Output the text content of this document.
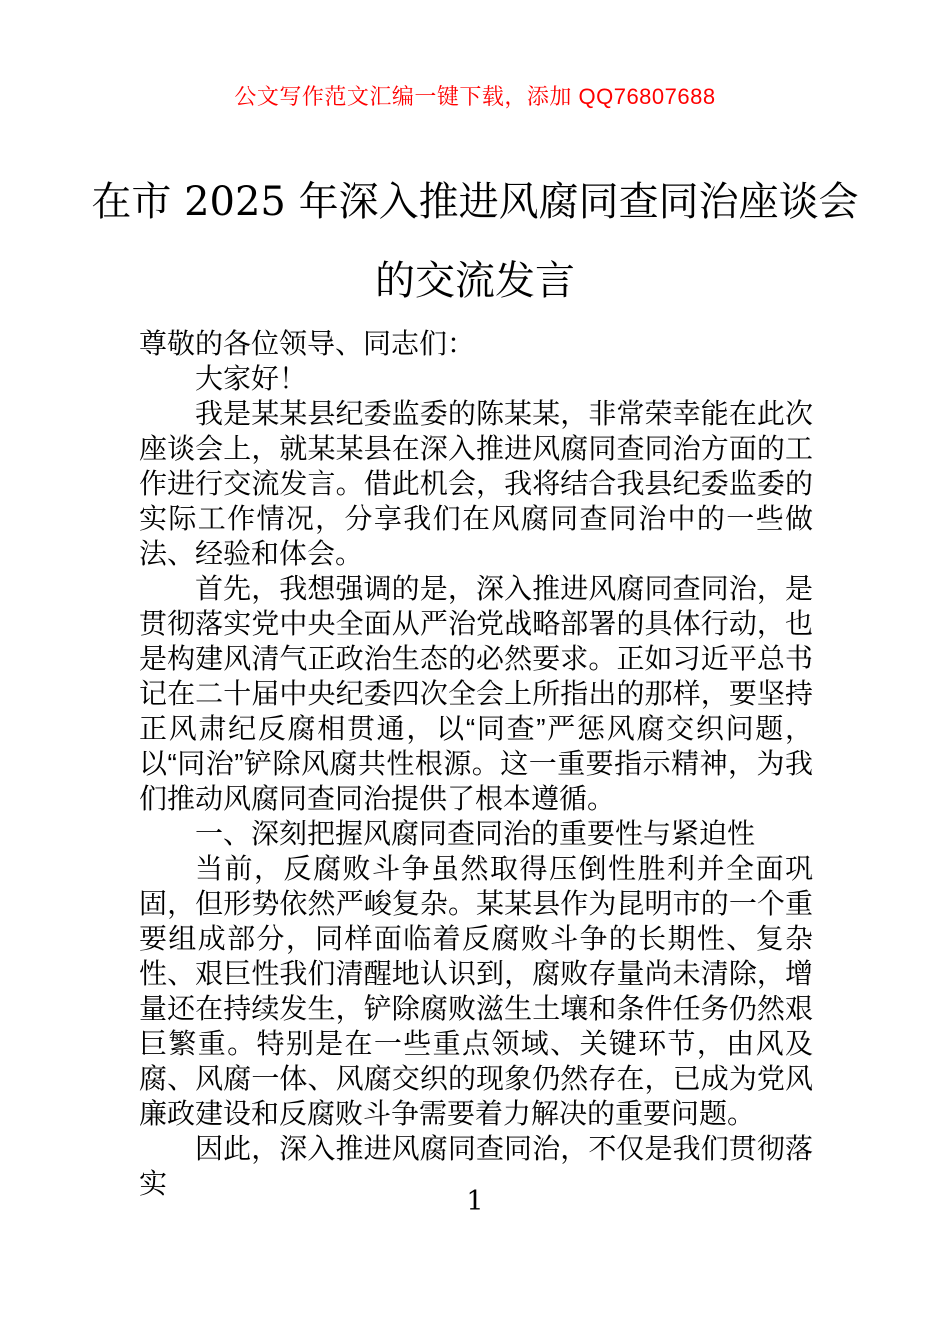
公文写作范文汇编一键下载，添加 QQ76807688
在市 2025 年深入推进风腐同查同治座谈会
的交流发言

尊敬的各位领导、同志们：

大家好！

我是某某县纪委监委的陈某某，非常荣幸能在此次座谈会上，就某某县在深入推进风腐同查同治方面的工作进行交流发言。借此机会，我将结合我县纪委监委的实际工作情况，分享我们在风腐同查同治中的一些做法、经验和体会。

首先，我想强调的是，深入推进风腐同查同治，是贯彻落实党中央全面从严治党战略部署的具体行动，也是构建风清气正政治生态的必然要求。正如习近平总书记在二十届中央纪委四次全会上所指出的那样，要坚持正风肃纪反腐相贯通，以“同查”严惩风腐交织问题，以“同治”铲除风腐共性根源。这一重要指示精神，为我们推动风腐同查同治提供了根本遵循。

一、深刻把握风腐同查同治的重要性与紧迫性

当前，反腐败斗争虽然取得压倒性胜利并全面巩固，但形势依然严峻复杂。某某县作为昆明市的一个重要组成部分，同样面临着反腐败斗争的长期性、复杂性、艰巨性我们清醒地认识到，腐败存量尚未清除，增量还在持续发生，铲除腐败滋生土壤和条件任务仍然艰巨繁重。特别是在一些重点领域、关键环节，由风及腐、风腐一体、风腐交织的现象仍然存在，已成为党风廉政建设和反腐败斗争需要着力解决的重要问题。

因此，深入推进风腐同查同治，不仅是我们贯彻落实

1
